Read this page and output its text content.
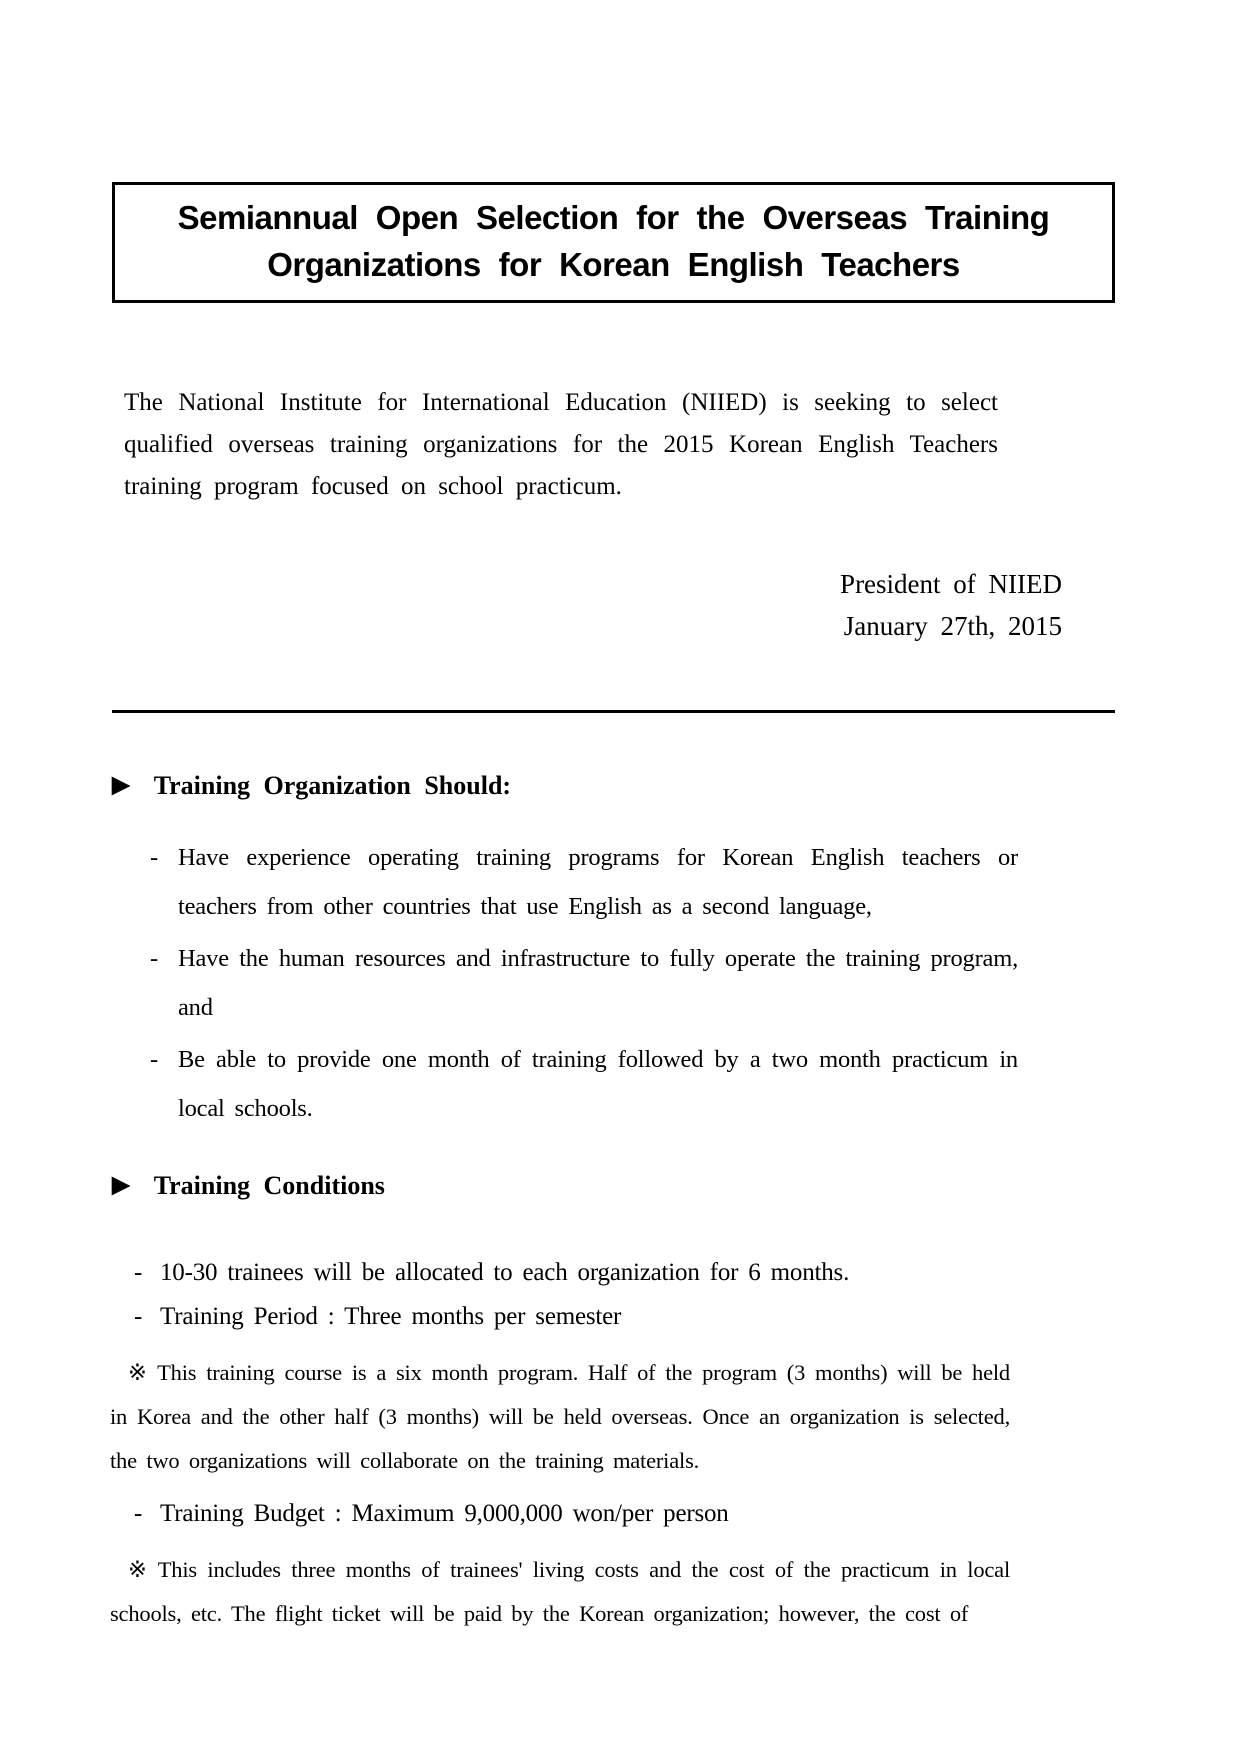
Semiannual Open Selection for the Overseas Training Organizations for Korean English Teachers

The National Institute for International Education (NIIED) is seeking to select qualified overseas training organizations for the 2015 Korean English Teachers training program focused on school practicum.

President of NIIED
January 27th, 2015
▶ Training Organization Should:

- Have experience operating training programs for Korean English teachers or teachers from other countries that use English as a second language,

- Have the human resources and infrastructure to fully operate the training program, and

- Be able to provide one month of training followed by a two month practicum in local schools.

▶ Training Conditions

- 10-30 trainees will be allocated to each organization for 6 months.

- Training Period : Three months per semester

※ This training course is a six month program. Half of the program (3 months) will be held in Korea and the other half (3 months) will be held overseas. Once an organization is selected, the two organizations will collaborate on the training materials.

- Training Budget : Maximum 9,000,000 won/per person

※ This includes three months of trainees' living costs and the cost of the practicum in local schools, etc. The flight ticket will be paid by the Korean organization; however, the cost of
